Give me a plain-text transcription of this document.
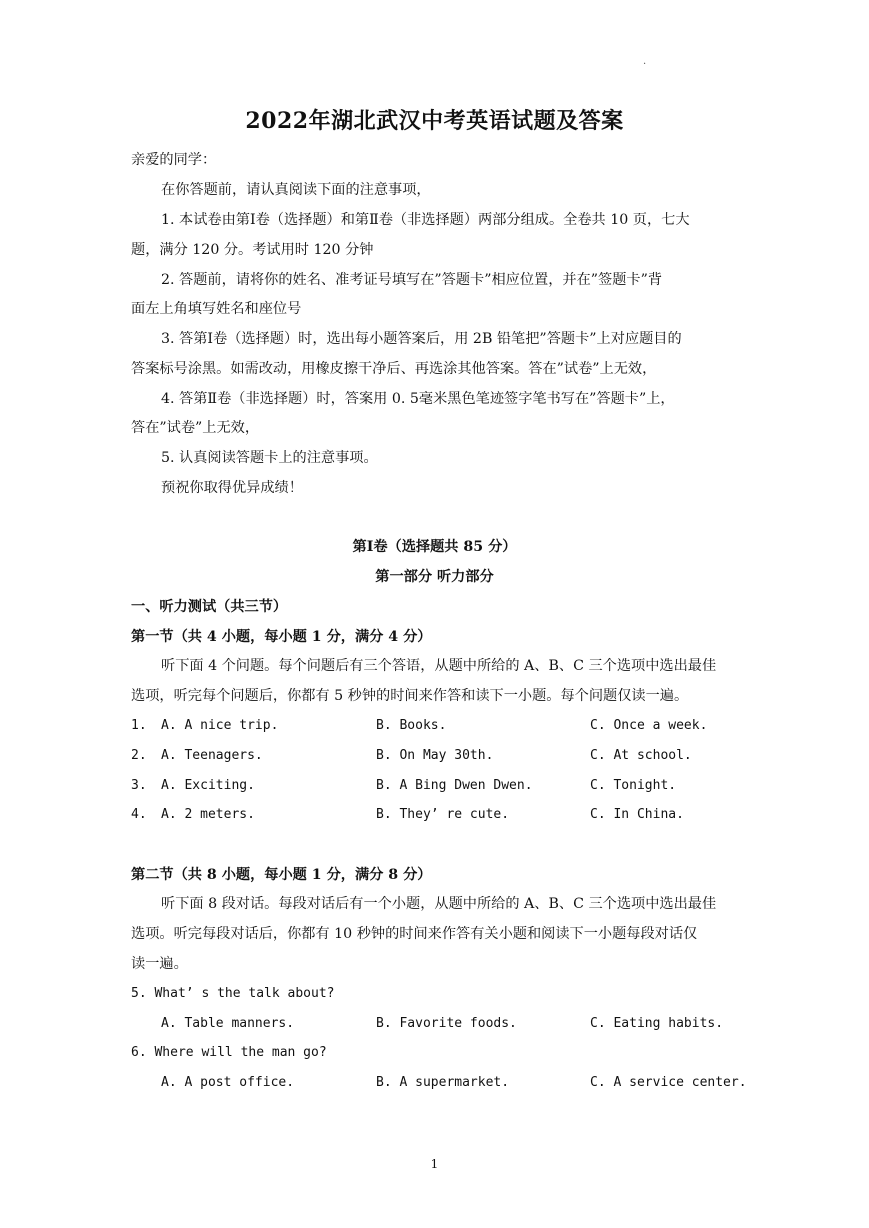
.
2022年湖北武汉中考英语试题及答案
亲爱的同学：
在你答题前，请认真阅读下面的注意事项，
1. 本试卷由第Ⅰ卷（选择题）和第Ⅱ卷（非选择题）两部分组成。全卷共 10 页，七大
题，满分 120 分。考试用时 120 分钟
2. 答题前，请将你的姓名、准考证号填写在”答题卡”相应位置，并在”签题卡”背
面左上角填写姓名和座位号
3. 答第Ⅰ卷（选择题）时，选出每小题答案后，用 2B 铅笔把”答题卡”上对应题目的
答案标号涂黑。如需改动，用橡皮擦干净后、再选涂其他答案。答在”试卷”上无效，
4. 答第Ⅱ卷（非选择题）时，答案用 0. 5毫米黑色笔迹签字笔书写在”答题卡”上，
答在”试卷”上无效，
5. 认真阅读答题卡上的注意事项。
预祝你取得优异成绩！
第Ⅰ卷（选择题共 85 分）
第一部分 听力部分
一、听力测试（共三节）
第一节（共 4 小题，每小题 1 分，满分 4 分）
听下面 4 个问题。每个问题后有三个答语，从题中所给的 A、B、C 三个选项中选出最佳
选项，听完每个问题后，你都有 5 秒钟的时间来作答和读下一小题。每个问题仅读一遍。
1. A. A nice trip.	B. Books.	C. Once a week.
2. A. Teenagers.	B. On May 30th.	C. At school.
3. A. Exciting.	B. A Bing Dwen Dwen.	C. Tonight.
4. A. 2 meters.	B. They’ re cute.	C. In China.
第二节（共 8 小题，每小题 1 分，满分 8 分）
听下面 8 段对话。每段对话后有一个小题，从题中所给的 A、B、C 三个选项中选出最佳
选项。听完每段对话后，你都有 10 秒钟的时间来作答有关小题和阅读下一小题每段对话仅
读一遍。
5. What’ s the talk about?
A. Table manners.	B. Favorite foods.	C. Eating habits.
6. Where will the man go?
A. A post office.	B. A supermarket.	C. A service center.
1
